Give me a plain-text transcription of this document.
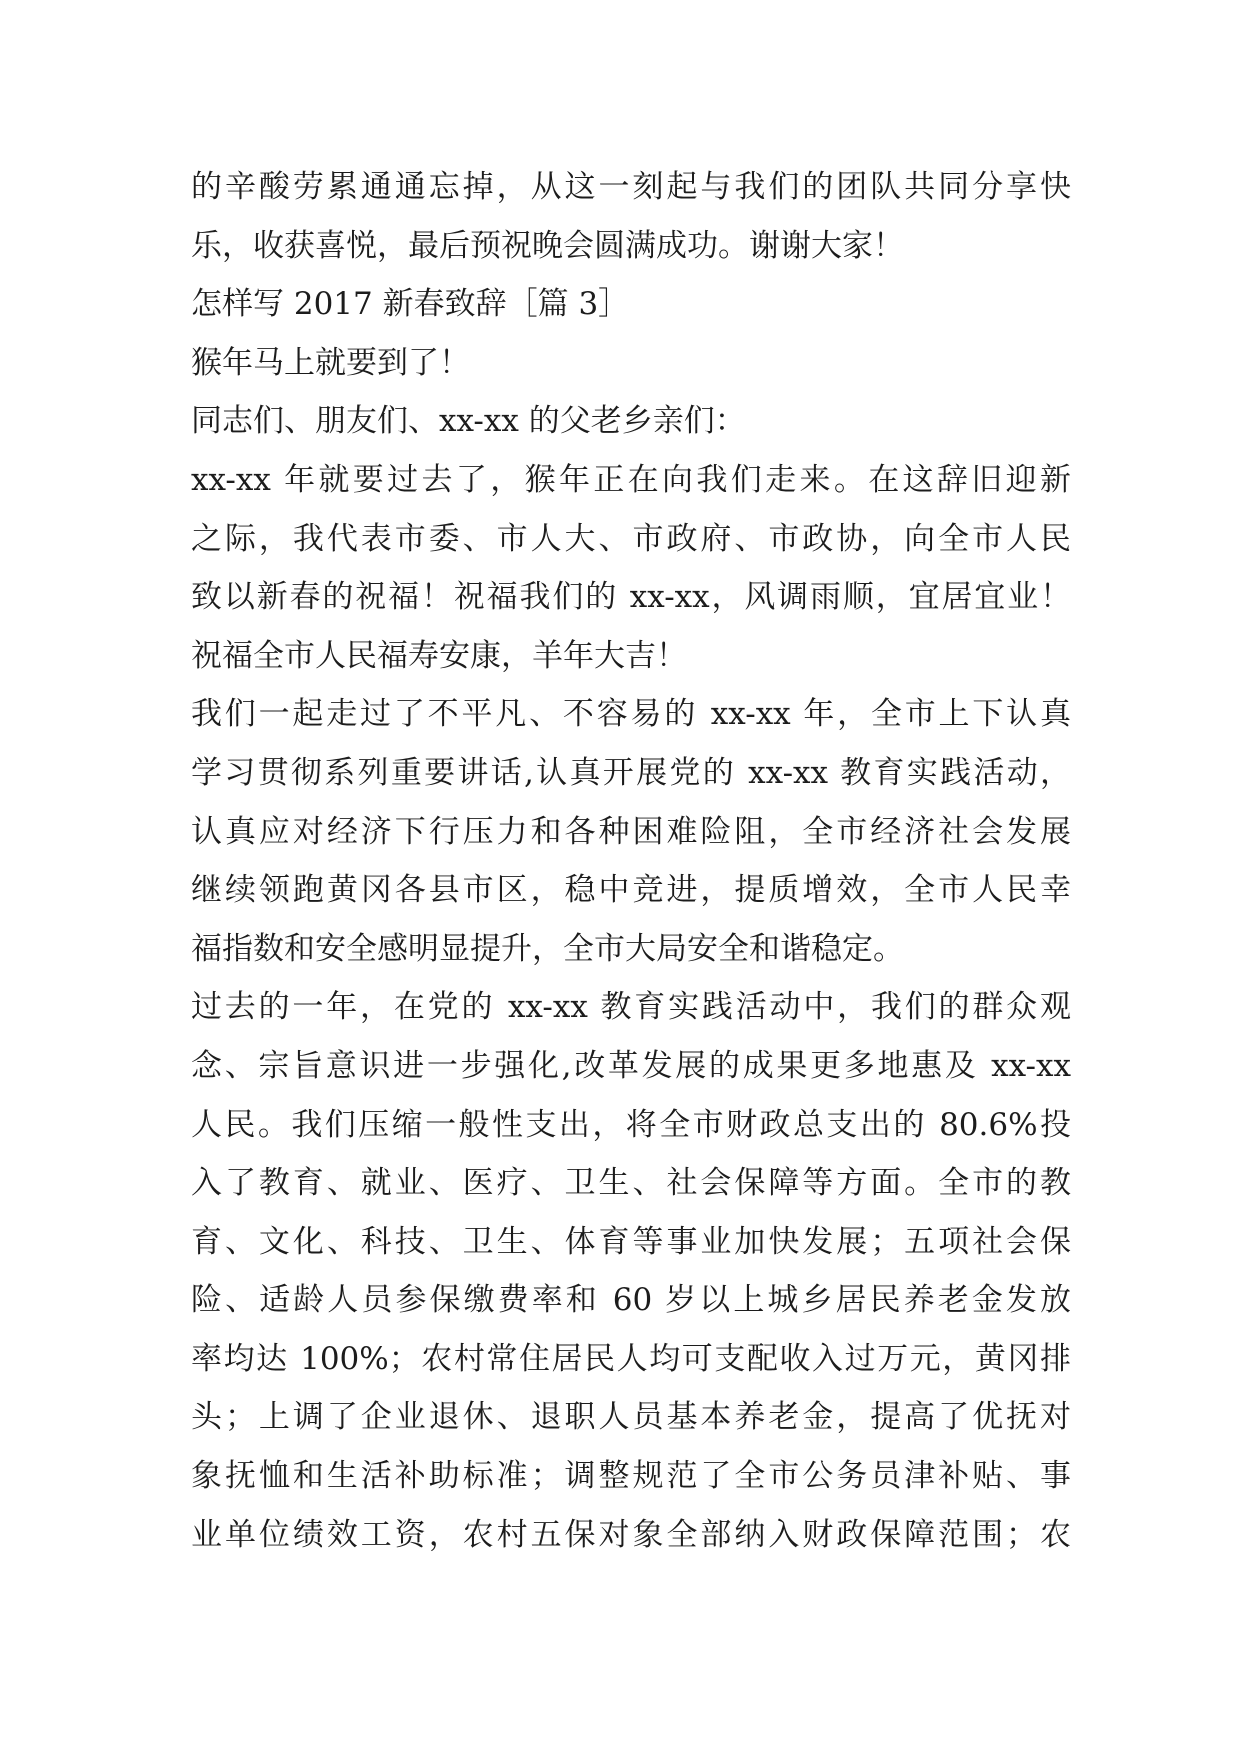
的辛酸劳累通通忘掉，从这一刻起与我们的团队共同分享快
乐，收获喜悦，最后预祝晚会圆满成功。谢谢大家！
怎样写 2017 新春致辞［篇 3］
猴年马上就要到了！
同志们、朋友们、xx-xx 的父老乡亲们：
xx-xx 年就要过去了，猴年正在向我们走来。在这辞旧迎新
之际，我代表市委、市人大、市政府、市政协，向全市人民
致以新春的祝福！祝福我们的 xx-xx，风调雨顺，宜居宜业！
祝福全市人民福寿安康，羊年大吉！
我们一起走过了不平凡、不容易的 xx-xx 年，全市上下认真
学习贯彻系列重要讲话,认真开展党的 xx-xx 教育实践活动，
认真应对经济下行压力和各种困难险阻，全市经济社会发展
继续领跑黄冈各县市区，稳中竞进，提质增效，全市人民幸
福指数和安全感明显提升，全市大局安全和谐稳定。
过去的一年，在党的 xx-xx 教育实践活动中，我们的群众观
念、宗旨意识进一步强化,改革发展的成果更多地惠及 xx-xx
人民。我们压缩一般性支出，将全市财政总支出的 80.6%投
入了教育、就业、医疗、卫生、社会保障等方面。全市的教
育、文化、科技、卫生、体育等事业加快发展；五项社会保
险、适龄人员参保缴费率和 60 岁以上城乡居民养老金发放
率均达 100%；农村常住居民人均可支配收入过万元，黄冈排
头；上调了企业退休、退职人员基本养老金，提高了优抚对
象抚恤和生活补助标准；调整规范了全市公务员津补贴、事
业单位绩效工资，农村五保对象全部纳入财政保障范围；农
